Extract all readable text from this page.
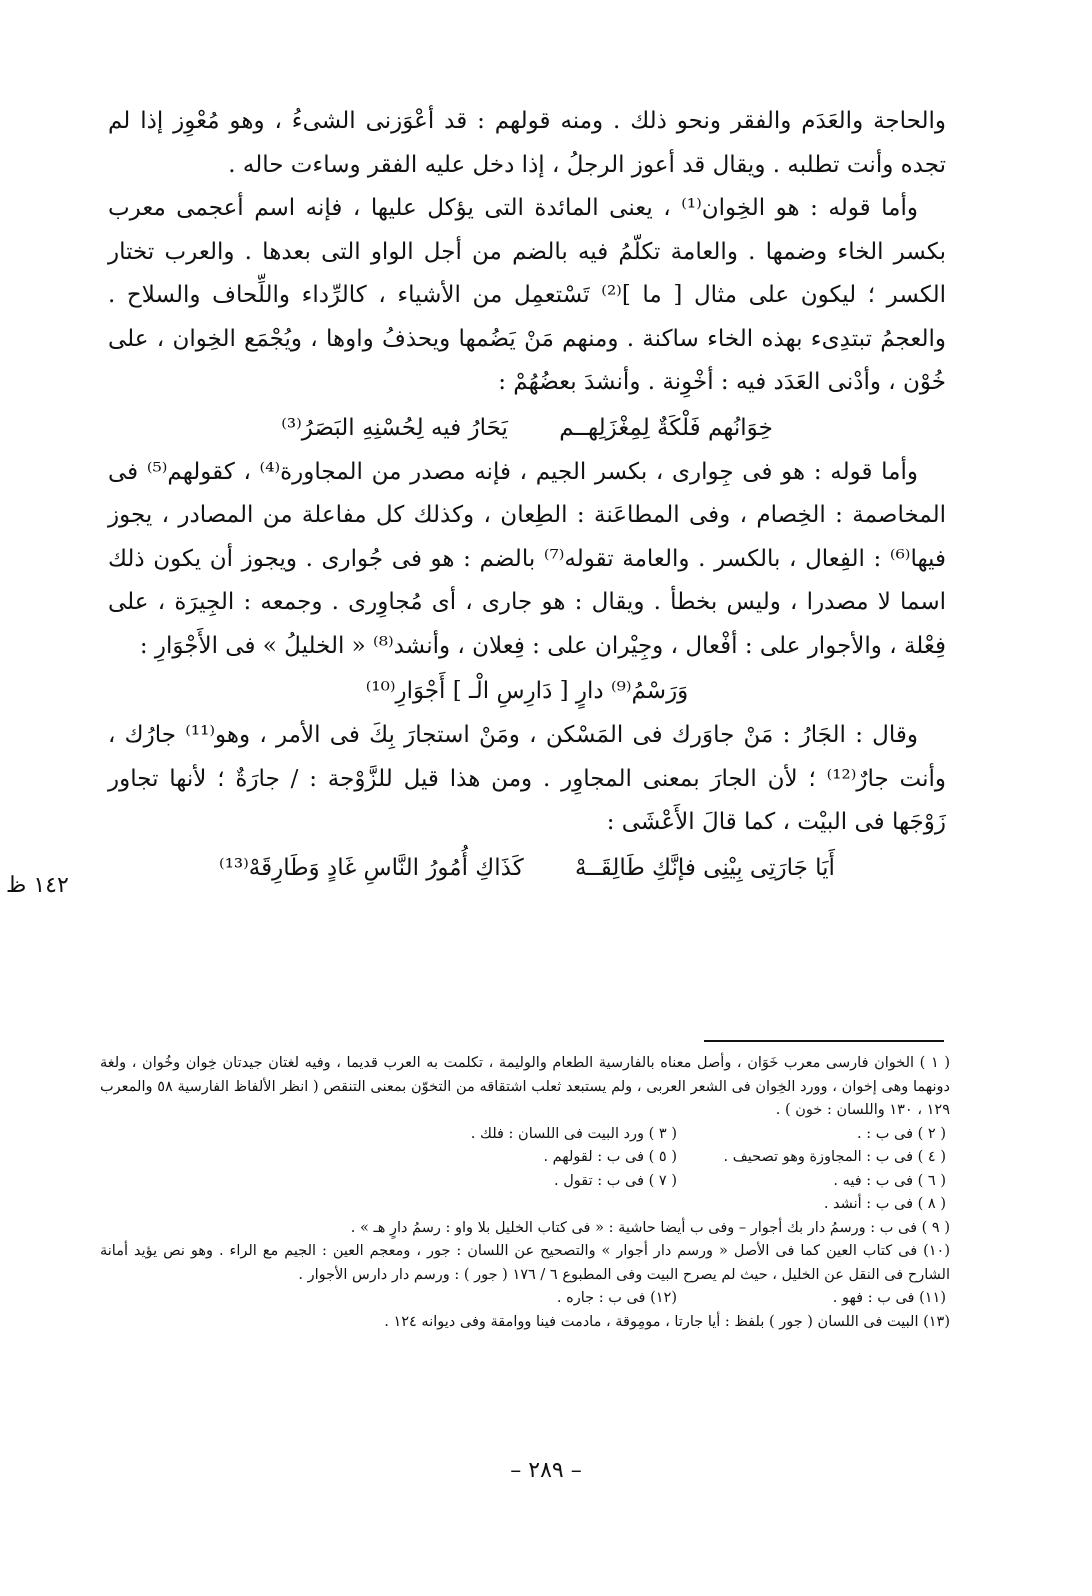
والحاجة والعَدَم والفقر ونحو ذلك . ومنه قولهم : قد أعْوَزنى الشىءُ ، وهو مُعْوِز إذا لم تجده وأنت تطلبه . ويقال قد أعوز الرجلُ ، إذا دخل عليه الفقر وساءت حاله .

وأما قوله : هو الخِوان⁽¹⁾ ، يعنى المائدة التى يؤكل عليها ، فإنه اسم أعجمى معرب بكسر الخاء وضمها . والعامة تكلّمُ فيه بالضم من أجل الواو التى بعدها . والعرب تختار الكسر ؛ ليكون على مثال [ ما ]⁽²⁾ تَسْتعمِل من الأشياء ، كالرِّداء واللِّحاف والسلاح . والعجمُ تبتدِىء بهذه الخاء ساكنة . ومنهم مَنْ يَضُمها ويحذفُ واوها ، ويُجْمَع الخِوان ، على خُوْن ، وأدْنى العَدَد فيه : أخْوِنة . وأنشدَ بعضُهُمْ :

خِوَانُهم فَلْكَةٌ لِمِغْزَلِهــم يَحَارُ فيه لِحُسْنِهِ البَصَرُ⁽³⁾

وأما قوله : هو فى جِوارى ، بكسر الجيم ، فإنه مصدر من المجاورة⁽⁴⁾ ، كقولهم⁽⁵⁾ فى المخاصمة : الخِصام ، وفى المطاعَنة : الطِعان ، وكذلك كل مفاعلة من المصادر ، يجوز فيها⁽⁶⁾ : الفِعال ، بالكسر . والعامة تقوله⁽⁷⁾ بالضم : هو فى جُوارى . ويجوز أن يكون ذلك اسما لا مصدرا ، وليس بخطأ . ويقال : هو جارى ، أى مُجاوِرى . وجمعه : الجِيرَة ، على فِعْلة ، والأجوار على : أفْعال ، وجِيْران على : فِعلان ، وأنشد⁽⁸⁾ « الخليلُ » فى الأَجْوَارِ :

وَرَسْمُ⁽⁹⁾ دارٍ [ دَارِسِ الْـ ] أَجْوَارِ⁽¹⁰⁾

وقال : الجَارُ : مَنْ جاوَرك فى المَسْكن ، ومَنْ استجارَ بِكَ فى الأمر ، وهو⁽¹¹⁾ جارُك ، وأنت جارٌ⁽¹²⁾ ؛ لأن الجارَ بمعنى المجاوِر . ومن هذا قيل للزَّوْجة : / جارَةٌ ؛ لأنها تجاور زَوْجَها فى البيْت ، كما قالَ الأَعْشَى :

أَيَا جَارَتِى بِيْنِى فإنَّكِ طَالِقَــهْ كَذَاكِ أُمُورُ النَّاسِ غَادٍ وَطَارِقَهْ⁽¹³⁾

١٤٢ ظ

( ١ ) الخوان فارسى معرب خَوَان ، وأصل معناه بالفارسية الطعام والوليمة ، تكلمت به العرب قديما ، وفيه لغتان جيدتان خِوان وخُوان ، ولغة دونهما وهى إخوان ، وورد الخِوان فى الشعر العربى ، ولم يستبعد ثعلب اشتقاقه من التخوّن بمعنى التنقص ( انظر الألفاظ الفارسية ٥٨ والمعرب ١٢٩ ، ١٣٠ واللسان : خون ) .

( ٢ ) فى ب : .
( ٣ ) ورد البيت فى اللسان : فلك .
( ٤ ) فى ب : المجاوزة وهو تصحيف .
( ٥ ) فى ب : لقولهم .
( ٦ ) فى ب : فيه .
( ٧ ) فى ب : تقول .
( ٨ ) فى ب : أنشد .

( ٩ ) فى ب : ورسمُ دار بك أجوار – وفى ب أيضا حاشية : « فى كتاب الخليل بلا واو : رسمُ دارٍ هـ » .

(١٠) فى كتاب العين كما فى الأصل « ورسم دار أجوار » والتصحيح عن اللسان : جور ، ومعجم العين : الجيم مع الراء . وهو نص يؤيد أمانة الشارح فى النقل عن الخليل ، حيث لم يصرح البيت وفى المطبوع ٦ / ١٧٦ ( جور ) : ورسم دار دارس الأجوار .

(١١) فى ب : فهو .
(١٢) فى ب : جاره .

(١٣) البيت فى اللسان ( جور ) بلفظ : أيا جارتا ، مومِوقة ، مادمت فينا ووامقة وفى ديوانه ١٢٤ .

– ٢٨٩ –
